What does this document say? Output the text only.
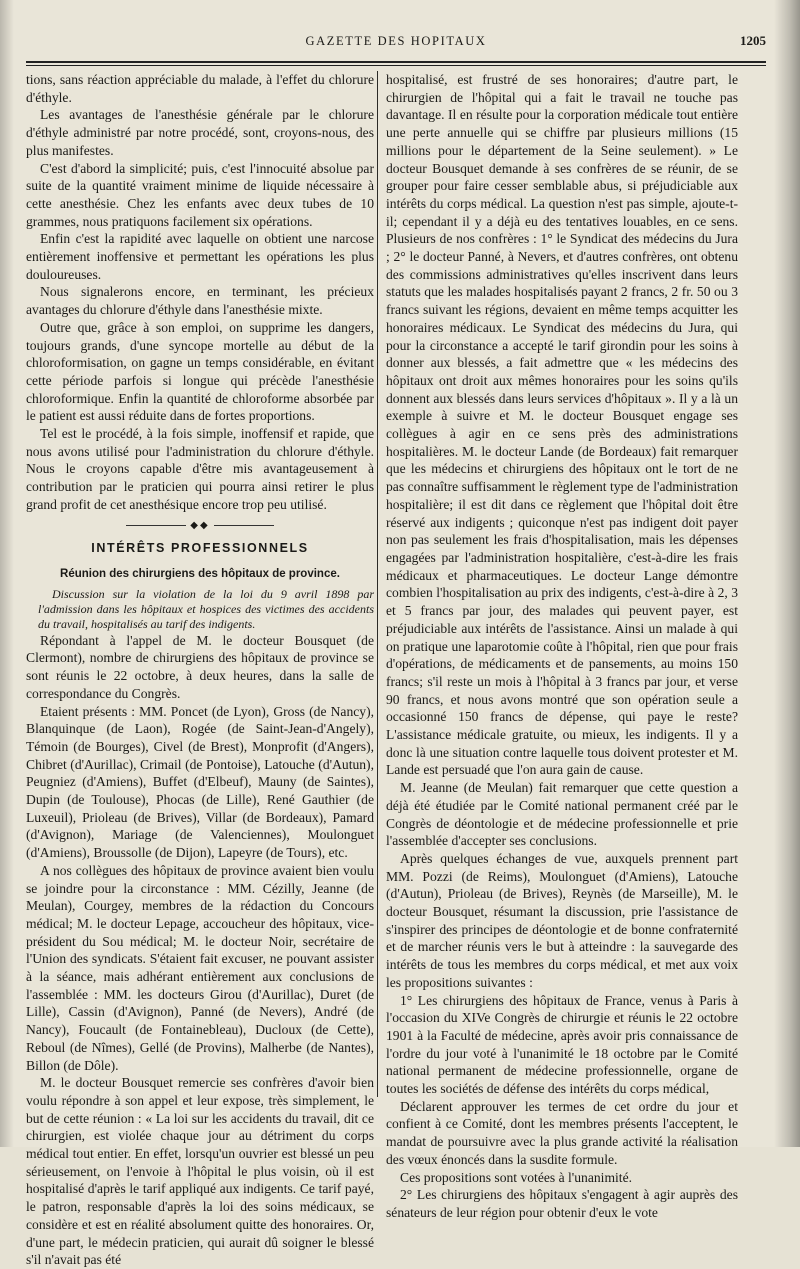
GAZETTE DES HOPITAUX	1205

tions, sans réaction appréciable du malade, à l'effet du chlorure d'éthyle.

Les avantages de l'anesthésie générale par le chlorure d'éthyle administré par notre procédé, sont, croyons-nous, des plus manifestes.

C'est d'abord la simplicité; puis, c'est l'innocuité absolue par suite de la quantité vraiment minime de liquide nécessaire à cette anesthésie. Chez les enfants avec deux tubes de 10 grammes, nous pratiquons facilement six opérations.

Enfin c'est la rapidité avec laquelle on obtient une narcose entièrement inoffensive et permettant les opérations les plus douloureuses.

Nous signalerons encore, en terminant, les précieux avantages du chlorure d'éthyle dans l'anesthésie mixte.

Outre que, grâce à son emploi, on supprime les dangers, toujours grands, d'une syncope mortelle au début de la chloroformisation, on gagne un temps considérable, en évitant cette période parfois si longue qui précède l'anesthésie chloroformique. Enfin la quantité de chloroforme absorbée par le patient est aussi réduite dans de fortes proportions.

Tel est le procédé, à la fois simple, inoffensif et rapide, que nous avons utilisé pour l'administration du chlorure d'éthyle. Nous le croyons capable d'être mis avantageusement à contribution par le praticien qui pourra ainsi retirer le plus grand profit de cet anesthésique encore trop peu utilisé.

◆◆
INTÉRÊTS PROFESSIONNELS
Réunion des chirurgiens des hôpitaux de province.

Discussion sur la violation de la loi du 9 avril 1898 par l'admission dans les hôpitaux et hospices des victimes des accidents du travail, hospitalisés au tarif des indigents.

Répondant à l'appel de M. le docteur Bousquet (de Clermont), nombre de chirurgiens des hôpitaux de province se sont réunis le 22 octobre, à deux heures, dans la salle de correspondance du Congrès.

Etaient présents : MM. Poncet (de Lyon), Gross (de Nancy), Blanquinque (de Laon), Rogée (de Saint-Jean-d'Angely), Témoin (de Bourges), Civel (de Brest), Monprofit (d'Angers), Chibret (d'Aurillac), Crimail (de Pontoise), Latouche (d'Autun), Peugniez (d'Amiens), Buffet (d'Elbeuf), Mauny (de Saintes), Dupin (de Toulouse), Phocas (de Lille), René Gauthier (de Luxeuil), Prioleau (de Brives), Villar (de Bordeaux), Pamard (d'Avignon), Mariage (de Valenciennes), Moulonguet (d'Amiens), Broussolle (de Dijon), Lapeyre (de Tours), etc.

A nos collègues des hôpitaux de province avaient bien voulu se joindre pour la circonstance : MM. Cézilly, Jeanne (de Meulan), Courgey, membres de la rédaction du Concours médical; M. le docteur Lepage, accoucheur des hôpitaux, vice-président du Sou médical; M. le docteur Noir, secrétaire de l'Union des syndicats. S'étaient fait excuser, ne pouvant assister à la séance, mais adhérant entièrement aux conclusions de l'assemblée : MM. les docteurs Girou (d'Aurillac), Duret (de Lille), Cassin (d'Avignon), Panné (de Nevers), André (de Nancy), Foucault (de Fontainebleau), Ducloux (de Cette), Reboul (de Nîmes), Gellé (de Provins), Malherbe (de Nantes), Billon (de Dôle).

M. le docteur Bousquet remercie ses confrères d'avoir bien voulu répondre à son appel et leur expose, très simplement, le but de cette réunion : « La loi sur les accidents du travail, dit ce chirurgien, est violée chaque jour au détriment du corps médical tout entier. En effet, lorsqu'un ouvrier est blessé un peu sérieusement, on l'envoie à l'hôpital le plus voisin, où il est hospitalisé d'après le tarif appliqué aux indigents. Ce tarif payé, le patron, responsable d'après la loi des soins médicaux, se considère et est en réalité absolument quitte des honoraires. Or, d'une part, le médecin praticien, qui aurait dû soigner le blessé s'il n'avait pas été

hospitalisé, est frustré de ses honoraires; d'autre part, le chirurgien de l'hôpital qui a fait le travail ne touche pas davantage. Il en résulte pour la corporation médicale tout entière une perte annuelle qui se chiffre par plusieurs millions (15 millions pour le département de la Seine seulement). » Le docteur Bousquet demande à ses confrères de se réunir, de se grouper pour faire cesser semblable abus, si préjudiciable aux intérêts du corps médical. La question n'est pas simple, ajoute-t-il; cependant il y a déjà eu des tentatives louables, en ce sens. Plusieurs de nos confrères : 1° le Syndicat des médecins du Jura ; 2° le docteur Panné, à Nevers, et d'autres confrères, ont obtenu des commissions administratives qu'elles inscrivent dans leurs statuts que les malades hospitalisés payant 2 francs, 2 fr. 50 ou 3 francs suivant les régions, devaient en même temps acquitter les honoraires médicaux. Le Syndicat des médecins du Jura, qui pour la circonstance a accepté le tarif girondin pour les soins à donner aux blessés, a fait admettre que « les médecins des hôpitaux ont droit aux mêmes honoraires pour les soins qu'ils donnent aux blessés dans leurs services d'hôpitaux ». Il y a là un exemple à suivre et M. le docteur Bousquet engage ses collègues à agir en ce sens près des administrations hospitalières. M. le docteur Lande (de Bordeaux) fait remarquer que les médecins et chirurgiens des hôpitaux ont le tort de ne pas connaître suffisamment le règlement type de l'administration hospitalière; il est dit dans ce règlement que l'hôpital doit être réservé aux indigents ; quiconque n'est pas indigent doit payer non pas seulement les frais d'hospitalisation, mais les dépenses engagées par l'administration hospitalière, c'est-à-dire les frais médicaux et pharmaceutiques. Le docteur Lange démontre combien l'hospitalisation au prix des indigents, c'est-à-dire à 2, 3 et 5 francs par jour, des malades qui peuvent payer, est préjudiciable aux intérêts de l'assistance. Ainsi un malade à qui on pratique une laparotomie coûte à l'hôpital, rien que pour frais d'opérations, de médicaments et de pansements, au moins 150 francs; s'il reste un mois à l'hôpital à 3 francs par jour, et verse 90 francs, et nous avons montré que son opération seule a occasionné 150 francs de dépense, qui paye le reste? L'assistance médicale gratuite, ou mieux, les indigents. Il y a donc là une situation contre laquelle tous doivent protester et M. Lande est persuadé que l'on aura gain de cause.

M. Jeanne (de Meulan) fait remarquer que cette question a déjà été étudiée par le Comité national permanent créé par le Congrès de déontologie et de médecine professionnelle et prie l'assemblée d'accepter ses conclusions.

Après quelques échanges de vue, auxquels prennent part MM. Pozzi (de Reims), Moulonguet (d'Amiens), Latouche (d'Autun), Prioleau (de Brives), Reynès (de Marseille), M. le docteur Bousquet, résumant la discussion, prie l'assistance de s'inspirer des principes de déontologie et de bonne confraternité et de marcher réunis vers le but à atteindre : la sauvegarde des intérêts de tous les membres du corps médical, et met aux voix les propositions suivantes :

1° Les chirurgiens des hôpitaux de France, venus à Paris à l'occasion du XIVe Congrès de chirurgie et réunis le 22 octobre 1901 à la Faculté de médecine, après avoir pris connaissance de l'ordre du jour voté à l'unanimité le 18 octobre par le Comité national permanent de médecine professionnelle, organe de toutes les sociétés de défense des intérêts du corps médical,

Déclarent approuver les termes de cet ordre du jour et confient à ce Comité, dont les membres présents l'acceptent, le mandat de poursuivre avec la plus grande activité la réalisation des vœux énoncés dans la susdite formule.

Ces propositions sont votées à l'unanimité.

2° Les chirurgiens des hôpitaux s'engagent à agir auprès des sénateurs de leur région pour obtenir d'eux le vote
